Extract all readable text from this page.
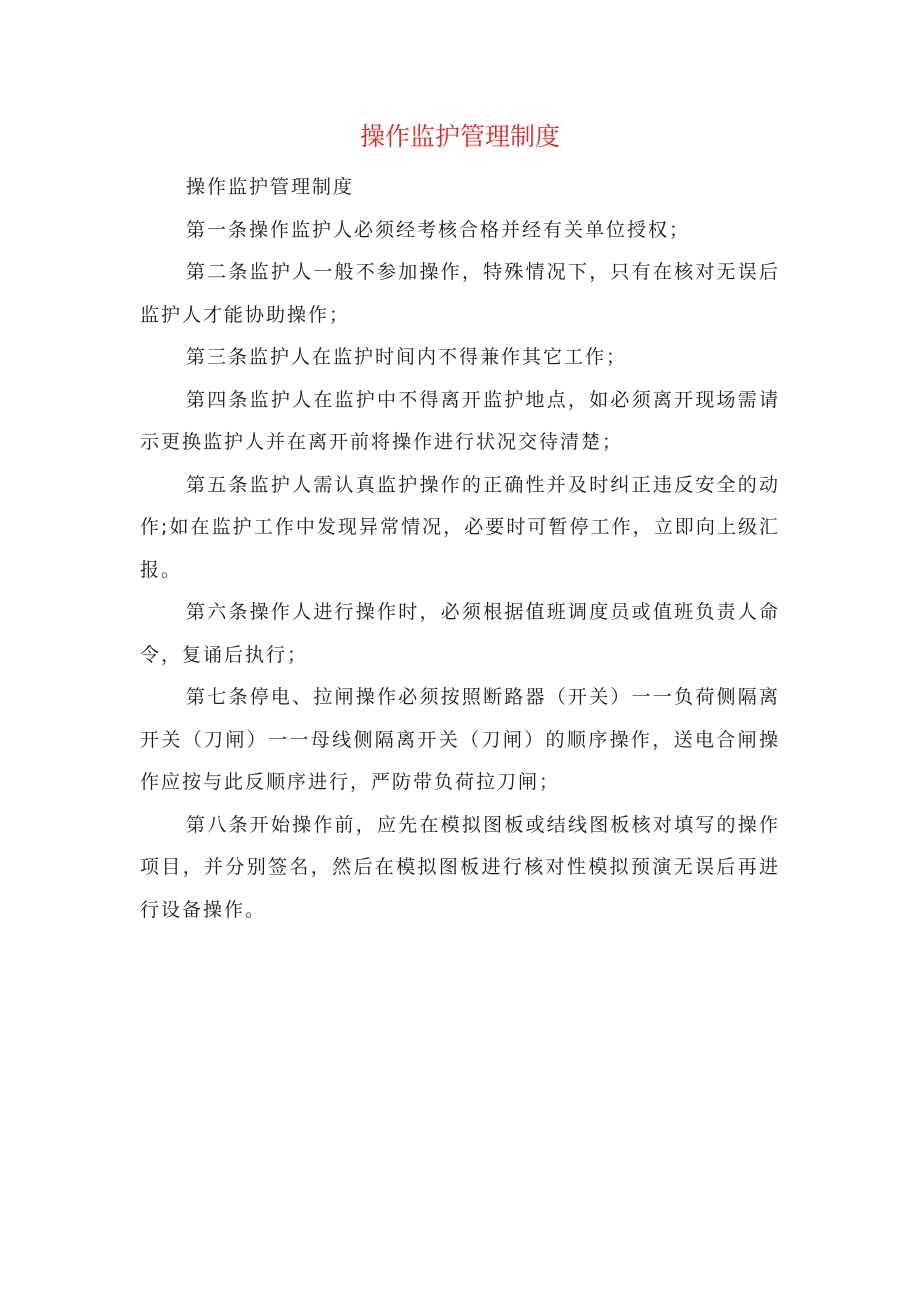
操作监护管理制度

操作监护管理制度

第一条操作监护人必须经考核合格并经有关单位授权；

第二条监护人一般不参加操作，特殊情况下，只有在核对无误后监护人才能协助操作；

第三条监护人在监护时间内不得兼作其它工作；

第四条监护人在监护中不得离开监护地点，如必须离开现场需请示更换监护人并在离开前将操作进行状况交待清楚；

第五条监护人需认真监护操作的正确性并及时纠正违反安全的动作;如在监护工作中发现异常情况，必要时可暂停工作，立即向上级汇报。

第六条操作人进行操作时，必须根据值班调度员或值班负责人命令，复诵后执行；

第七条停电、拉闸操作必须按照断路器（开关）一一负荷侧隔离开关（刀闸）一一母线侧隔离开关（刀闸）的顺序操作，送电合闸操作应按与此反顺序进行，严防带负荷拉刀闸；

第八条开始操作前，应先在模拟图板或结线图板核对填写的操作项目，并分别签名，然后在模拟图板进行核对性模拟预演无误后再进行设备操作。
